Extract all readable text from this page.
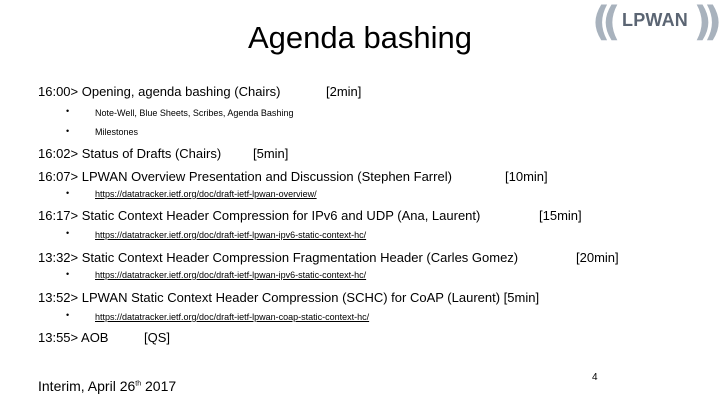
Agenda bashing	(( LPWAN ))
16:00> Opening, agenda bashing (Chairs)	[2min]
•	Note-Well, Blue Sheets, Scribes, Agenda Bashing
•	Milestones
16:02> Status of Drafts (Chairs) [5min]
16:07> LPWAN Overview Presentation and Discussion (Stephen Farrel)	[10min]
•	https://datatracker.ietf.org/doc/draft-ietf-lpwan-overview/
16:17> Static Context Header Compression for IPv6 and UDP (Ana, Laurent)	[15min]
•	https://datatracker.ietf.org/doc/draft-ietf-lpwan-ipv6-static-context-hc/
13:32> Static Context Header Compression Fragmentation Header (Carles Gomez)	[20min]
•	https://datatracker.ietf.org/doc/draft-ietf-lpwan-ipv6-static-context-hc/
13:52> LPWAN Static Context Header Compression (SCHC) for CoAP (Laurent) [5min]
•	https://datatracker.ietf.org/doc/draft-ietf-lpwan-coap-static-context-hc/
13:55> AOB	[QS]
Interim, April 26th 2017
4
